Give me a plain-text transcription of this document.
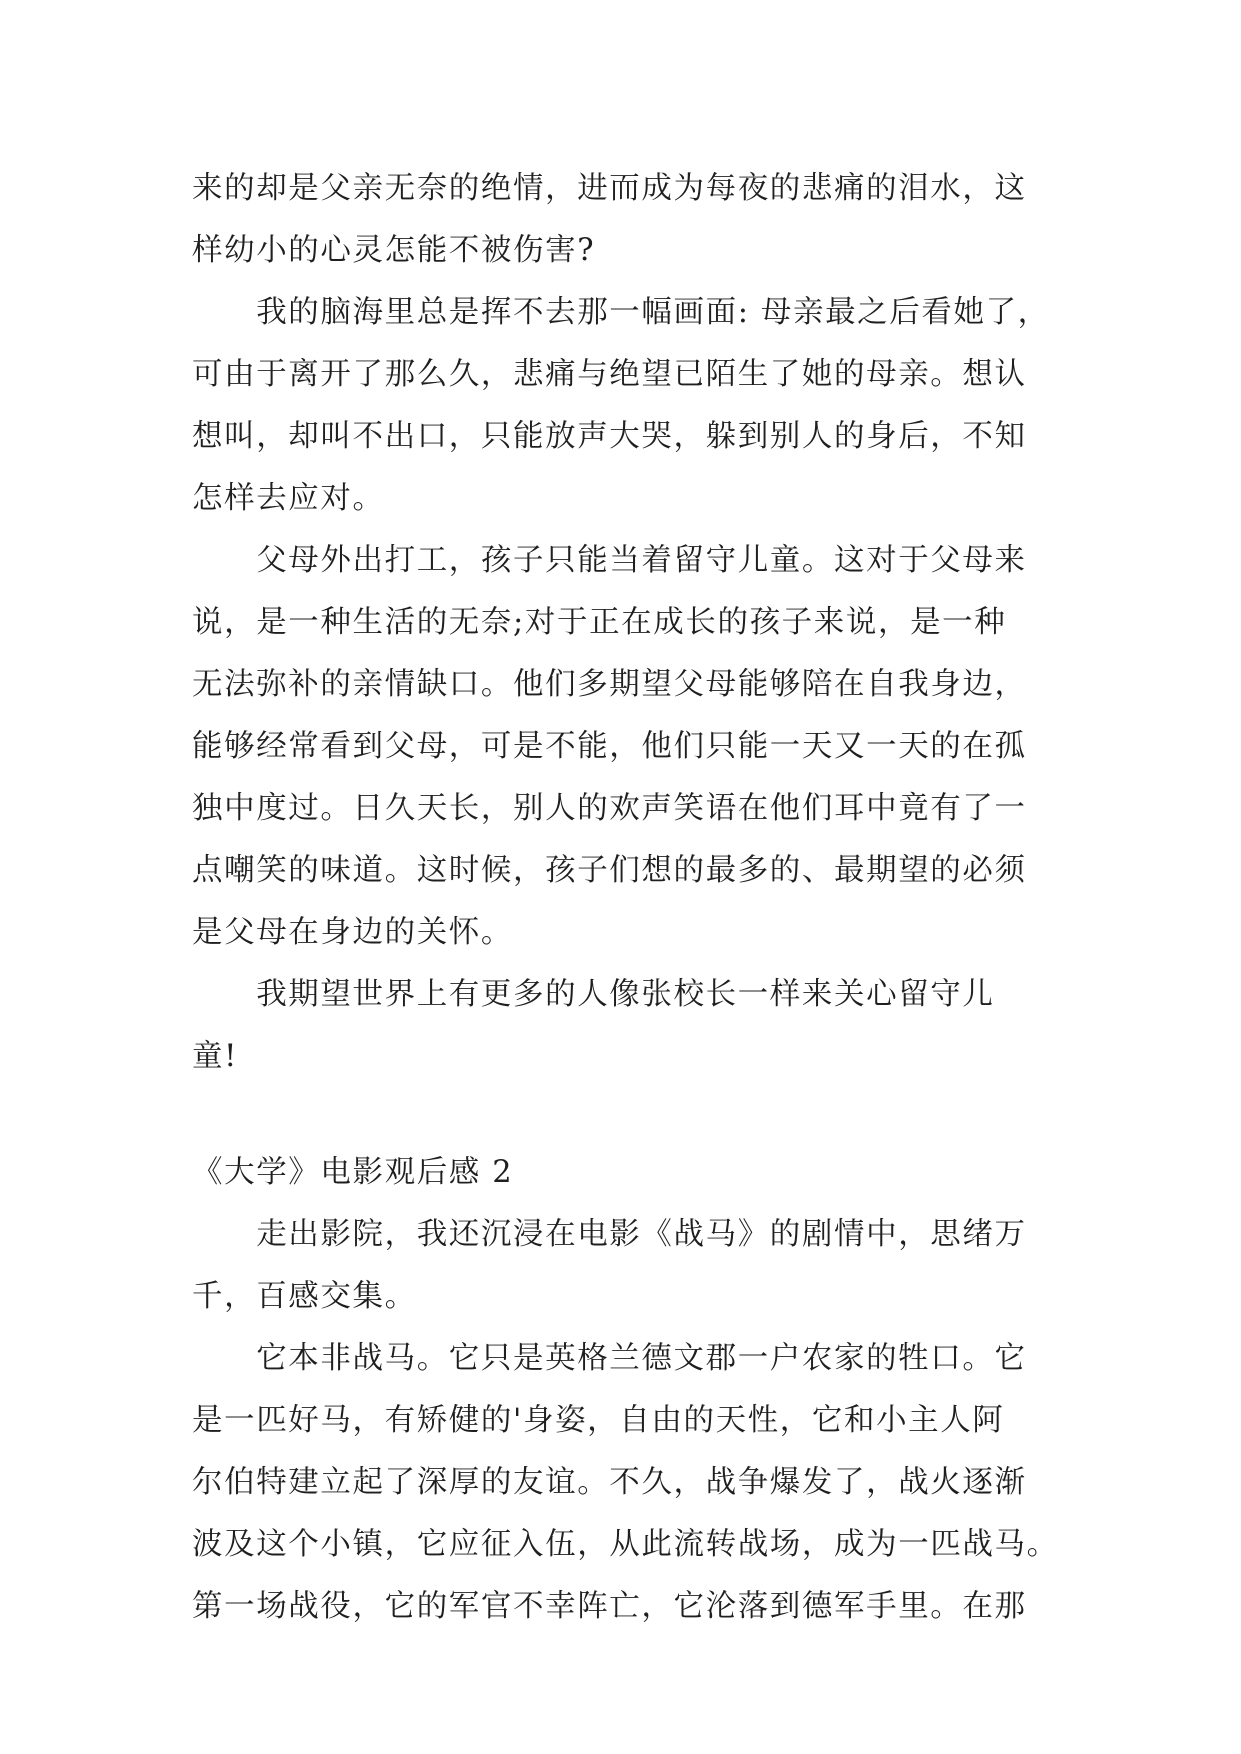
来的却是父亲无奈的绝情，进而成为每夜的悲痛的泪水，这
样幼小的心灵怎能不被伤害?
　　我的脑海里总是挥不去那一幅画面: 母亲最之后看她了，
可由于离开了那么久，悲痛与绝望已陌生了她的母亲。想认
想叫，却叫不出口，只能放声大哭，躲到别人的身后，不知
怎样去应对。
　　父母外出打工，孩子只能当着留守儿童。这对于父母来
说，是一种生活的无奈;对于正在成长的孩子来说，是一种
无法弥补的亲情缺口。他们多期望父母能够陪在自我身边，
能够经常看到父母，可是不能，他们只能一天又一天的在孤
独中度过。日久天长，别人的欢声笑语在他们耳中竟有了一
点嘲笑的味道。这时候，孩子们想的最多的、最期望的必须
是父母在身边的关怀。
　　我期望世界上有更多的人像张校长一样来关心留守儿
童!
《大学》电影观后感 2
　　走出影院，我还沉浸在电影《战马》的剧情中，思绪万
千，百感交集。
　　它本非战马。它只是英格兰德文郡一户农家的牲口。它
是一匹好马，有矫健的'身姿，自由的天性，它和小主人阿
尔伯特建立起了深厚的友谊。不久，战争爆发了，战火逐渐
波及这个小镇，它应征入伍，从此流转战场，成为一匹战马。
第一场战役，它的军官不幸阵亡，它沦落到德军手里。在那
